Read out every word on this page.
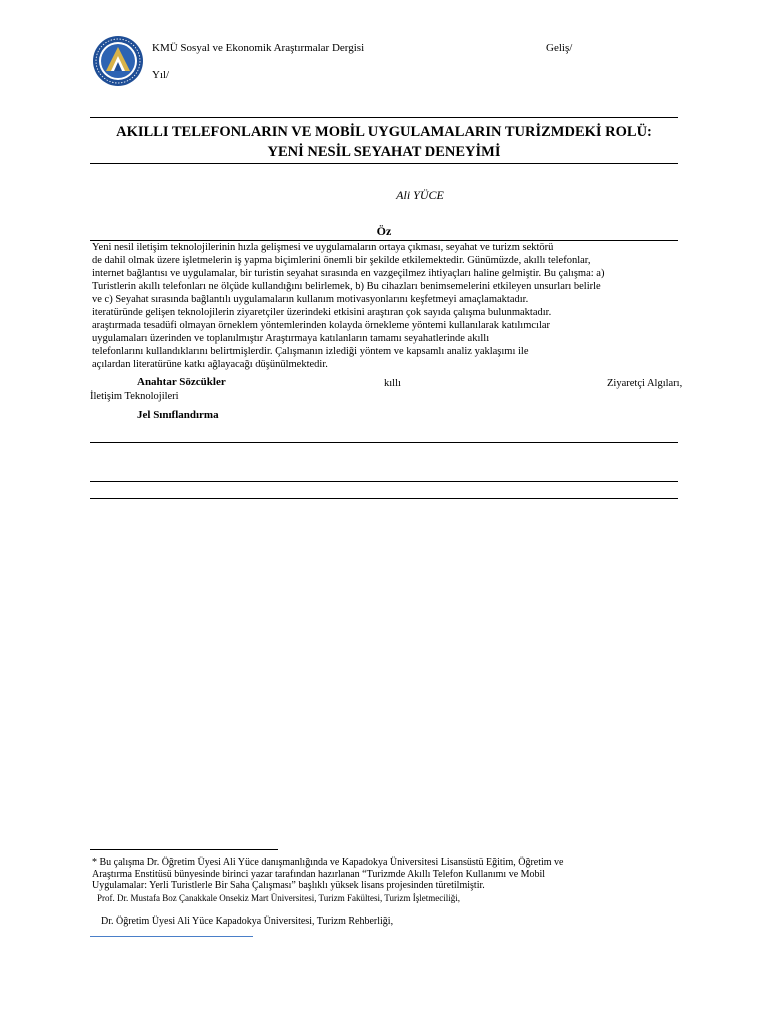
KMÜ Sosyal ve Ekonomik Araştırmalar Dergisi	Geliş/
Yıl/
AKILLI TELEFONLARIN VE MOBİL UYGULAMALARIN TURİZMDEKİ ROLÜ:
YENİ NESİL SEYAHAT DENEYİMİ
Ali YÜCE
Öz
Yeni nesil iletişim teknolojilerinin hızla gelişmesi ve uygulamaların ortaya çıkması, seyahat ve turizm sektörü
de dahil olmak üzere işletmelerin iş yapma biçimlerini önemli bir şekilde etkilemektedir. Günümüzde, akıllı telefonlar,
internet bağlantısı ve uygulamalar, bir turistin seyahat sırasında en vazgeçilmez ihtiyaçları haline gelmiştir. Bu çalışma: a)
Turistlerin akıllı telefonları ne ölçüde kullandığını belirlemek, b) Bu cihazları benimsemelerini etkileyen unsurları belirle
ve c) Seyahat sırasında bağlantılı uygulamaların kullanım motivasyonlarını keşfetmeyi amaçlamaktadır.
iteratüründe gelişen teknolojilerin ziyaretçiler üzerindeki etkisini araştıran çok sayıda çalışma bulunmaktadır.
araştırmada tesadüfi olmayan örneklem yöntemlerinden kolayda örnekleme yöntemi kullanılarak katılımcılar
uygulamaları üzerinden ve toplanılmıştır Araştırmaya katılanların tamamı seyahatlerinde akıllı
telefonlarını kullandıklarını belirtmişlerdir. Çalışmanın izlediği yöntem ve kapsamlı analiz yaklaşımı ile
açılardan literatürüne katkı ağlayacağı düşünülmektedir.
Anahtar Sözcükler	kıllı	Ziyaretçi Algıları,
İletişim Teknolojileri
Jel Sınıflandırma
* Bu çalışma Dr. Öğretim Üyesi Ali Yüce danışmanlığında ve Kapadokya Üniversitesi Lisansüstü Eğitim, Öğretim ve
Araştırma Enstitüsü bünyesinde birinci yazar tarafından hazırlanan “Turizmde Akıllı Telefon Kullanımı ve Mobil
Uygulamalar: Yerli Turistlerle Bir Saha Çalışması” başlıklı yüksek lisans projesinden türetilmiştir.
Prof. Dr. Mustafa Boz Çanakkale Onsekiz Mart Üniversitesi, Turizm Fakültesi, Turizm İşletmeciliği,
Dr. Öğretim Üyesi Ali Yüce Kapadokya Üniversitesi, Turizm Rehberliği,
